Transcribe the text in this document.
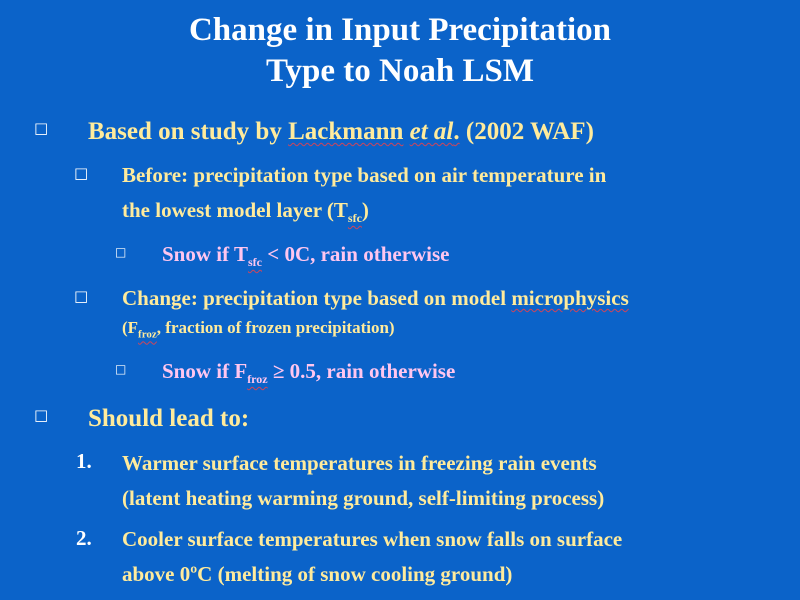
Change in Input Precipitation
Type to Noah LSM
□ Based on study by Lackmann et al. (2002 WAF)
□ Before: precipitation type based on air temperature in
the lowest model layer $(T_{sfc})$
□ Snow if $T_{sfc} < 0C$, rain otherwise
□ Change: precipitation type based on model microphysics
($F_{froz}$, fraction of frozen precipitation)
□ Snow if $F_{froz} \ge 0.5$, rain otherwise
□ Should lead to:
1. Warmer surface temperatures in freezing rain events
(latent heating warming ground, self-limiting process)
2. Cooler surface temperatures when snow falls on surface
above 0ºC (melting of snow cooling ground)
